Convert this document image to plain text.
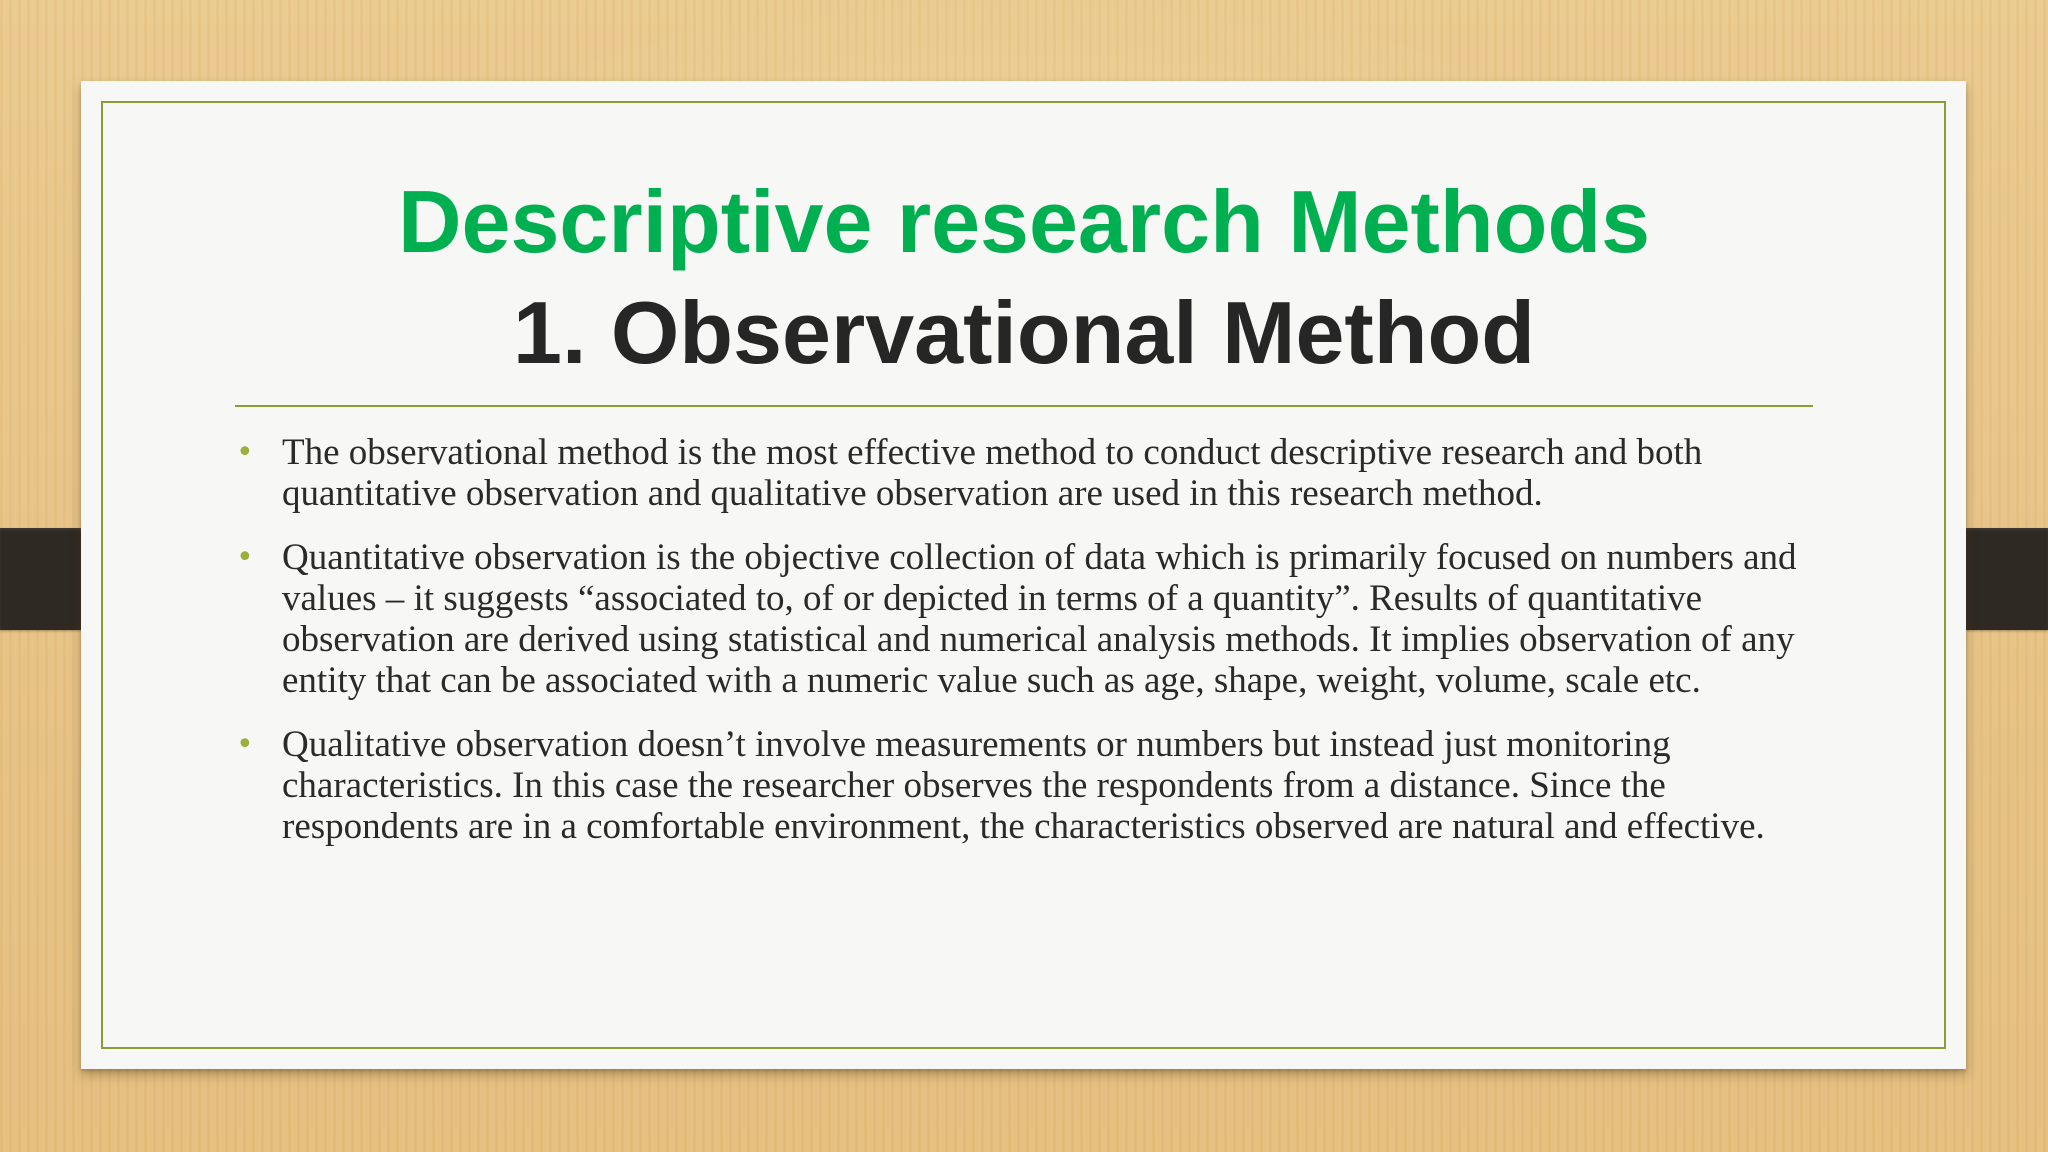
Descriptive research Methods
1. Observational Method
• The observational method is the most effective method to conduct descriptive research and both quantitative observation and qualitative observation are used in this research method.
• Quantitative observation is the objective collection of data which is primarily focused on numbers and values – it suggests “associated to, of or depicted in terms of a quantity”. Results of quantitative observation are derived using statistical and numerical analysis methods. It implies observation of any entity that can be associated with a numeric value such as age, shape, weight, volume, scale etc.
• Qualitative observation doesn’t involve measurements or numbers but instead just monitoring characteristics. In this case the researcher observes the respondents from a distance. Since the respondents are in a comfortable environment, the characteristics observed are natural and effective.
